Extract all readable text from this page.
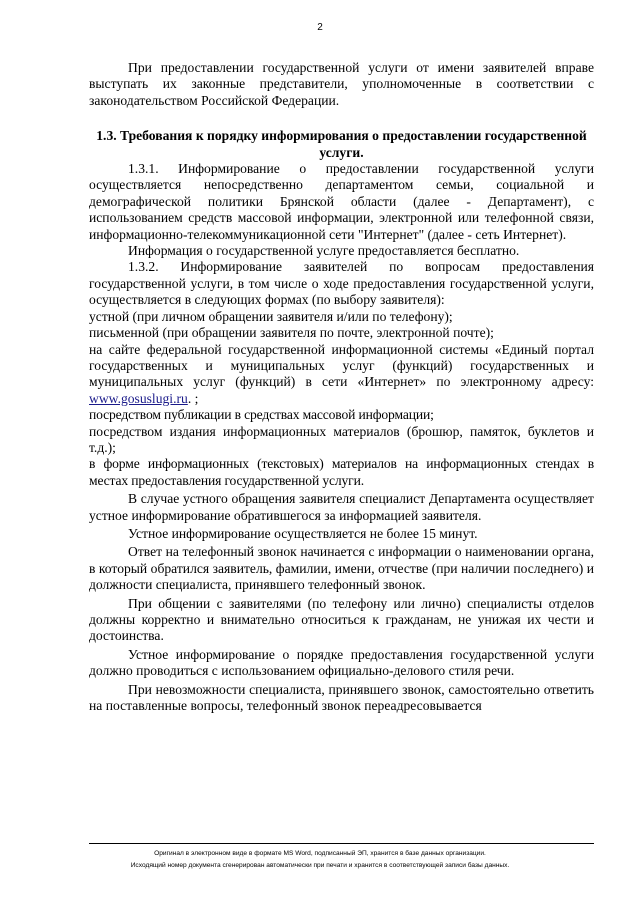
2

При предоставлении государственной услуги от имени заявителей вправе выступать их законные представители, уполномоченные в соответствии с законодательством Российской Федерации.

1.3. Требования к порядку информирования о предоставлении государственной услуги.

1.3.1. Информирование о предоставлении государственной услуги осуществляется непосредственно департаментом семьи, социальной и демографической политики Брянской области (далее - Департамент), с использованием средств массовой информации, электронной или телефонной связи, информационно-телекоммуникационной сети "Интернет" (далее - сеть Интернет).

Информация о государственной услуге предоставляется бесплатно.

1.3.2. Информирование заявителей по вопросам предоставления государственной услуги, в том числе о ходе предоставления государственной услуги, осуществляется в следующих формах (по выбору заявителя):

устной (при личном обращении заявителя и/или по телефону);

письменной (при обращении заявителя по почте, электронной почте);

на сайте федеральной государственной информационной системы «Единый портал государственных и муниципальных услуг (функций) государственных и муниципальных услуг (функций) в сети «Интернет» по электронному адресу: www.gosuslugi.ru. ;

посредством публикации в средствах массовой информации;

посредством издания информационных материалов (брошюр, памяток, буклетов и т.д.);

в форме информационных (текстовых) материалов на информационных стендах в местах предоставления государственной услуги.

В случае устного обращения заявителя специалист Департамента осуществляет устное информирование обратившегося за информацией заявителя.

Устное информирование осуществляется не более 15 минут.

Ответ на телефонный звонок начинается с информации о наименовании органа, в который обратился заявитель, фамилии, имени, отчестве (при наличии последнего) и должности специалиста, принявшего телефонный звонок.

При общении с заявителями (по телефону или лично) специалисты отделов должны корректно и внимательно относиться к гражданам, не унижая их чести и достоинства.

Устное информирование о порядке предоставления государственной услуги должно проводиться с использованием официально-делового стиля речи.

При невозможности специалиста, принявшего звонок, самостоятельно ответить на поставленные вопросы, телефонный звонок переадресовывается

Оригинал в электронном виде в формате MS Word, подписанный ЭП, хранится в базе данных организации.
Исходящий номер документа сгенерирован автоматически при печати и хранится в соответствующей записи базы данных.
